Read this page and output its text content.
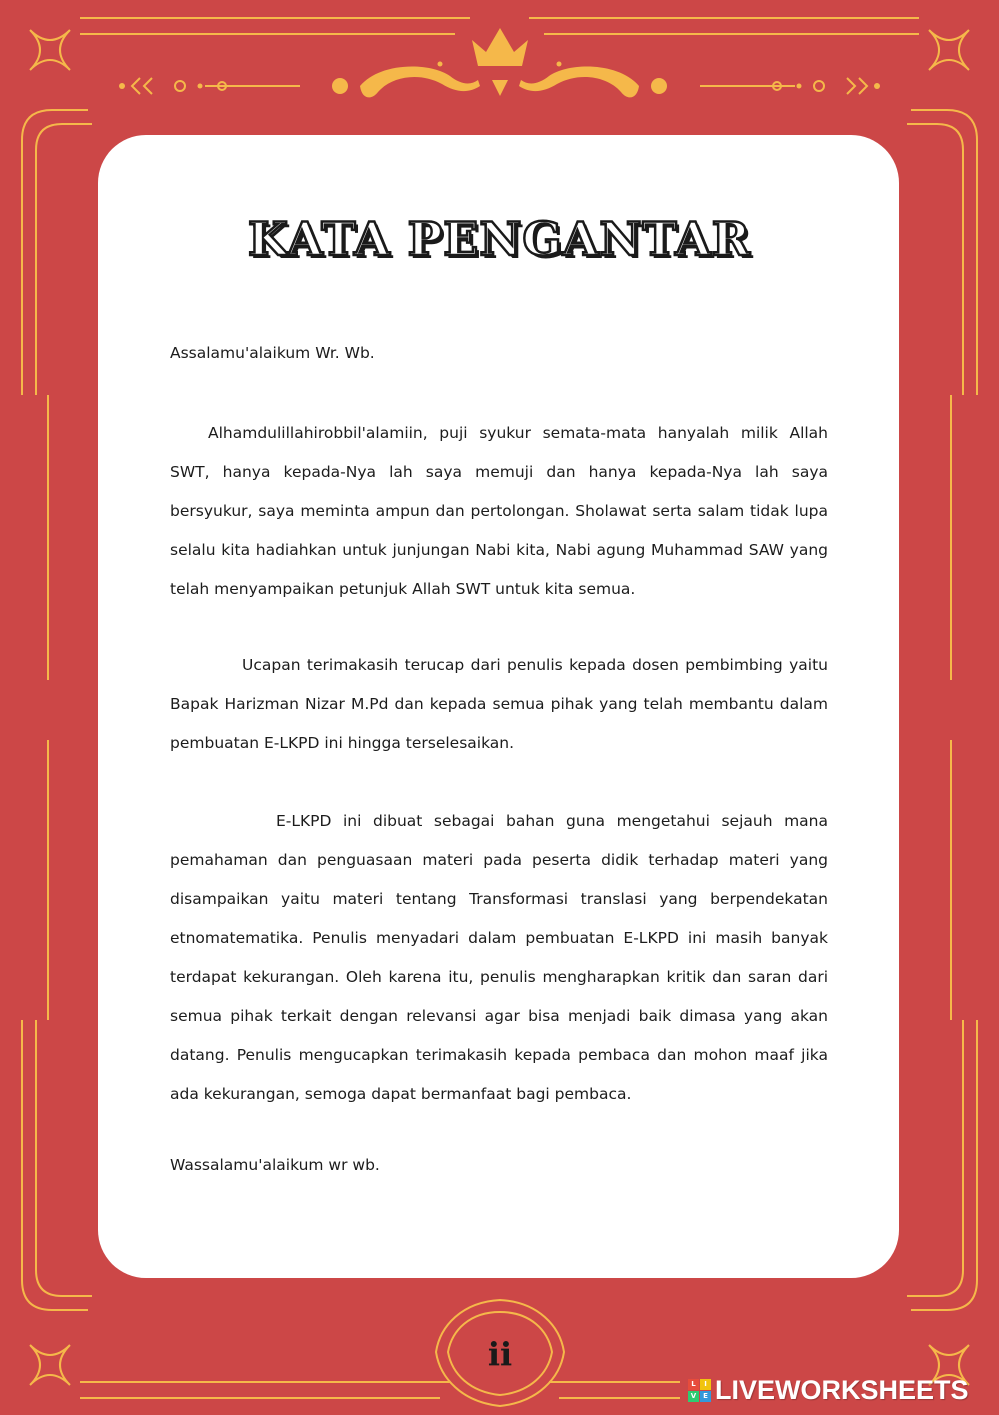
KATA PENGANTAR

Assalamu'alaikum Wr. Wb.

Alhamdulillahirobbil'alamiin, puji syukur semata-mata hanyalah milik Allah SWT, hanya kepada-Nya lah saya memuji dan hanya kepada-Nya lah saya bersyukur, saya meminta ampun dan pertolongan. Sholawat serta salam tidak lupa selalu kita hadiahkan untuk junjungan Nabi kita, Nabi agung Muhammad SAW yang telah menyampaikan petunjuk Allah SWT untuk kita semua.

Ucapan terimakasih terucap dari penulis kepada dosen pembimbing yaitu Bapak Harizman Nizar M.Pd dan kepada semua pihak yang telah membantu dalam pembuatan E-LKPD ini hingga terselesaikan.

E-LKPD ini dibuat sebagai bahan guna mengetahui sejauh mana pemahaman dan penguasaan materi pada peserta didik terhadap materi yang disampaikan yaitu materi tentang Transformasi translasi yang berpendekatan etnomatematika. Penulis menyadari dalam pembuatan E-LKPD ini masih banyak terdapat kekurangan. Oleh karena itu, penulis mengharapkan kritik dan saran dari semua pihak terkait dengan relevansi agar bisa menjadi baik dimasa yang akan datang. Penulis mengucapkan terimakasih kepada pembaca dan mohon maaf jika ada kekurangan, semoga dapat bermanfaat bagi pembaca.

Wassalamu'alaikum wr wb.

ii
L	I
V E LIVEWORKSHEETS
